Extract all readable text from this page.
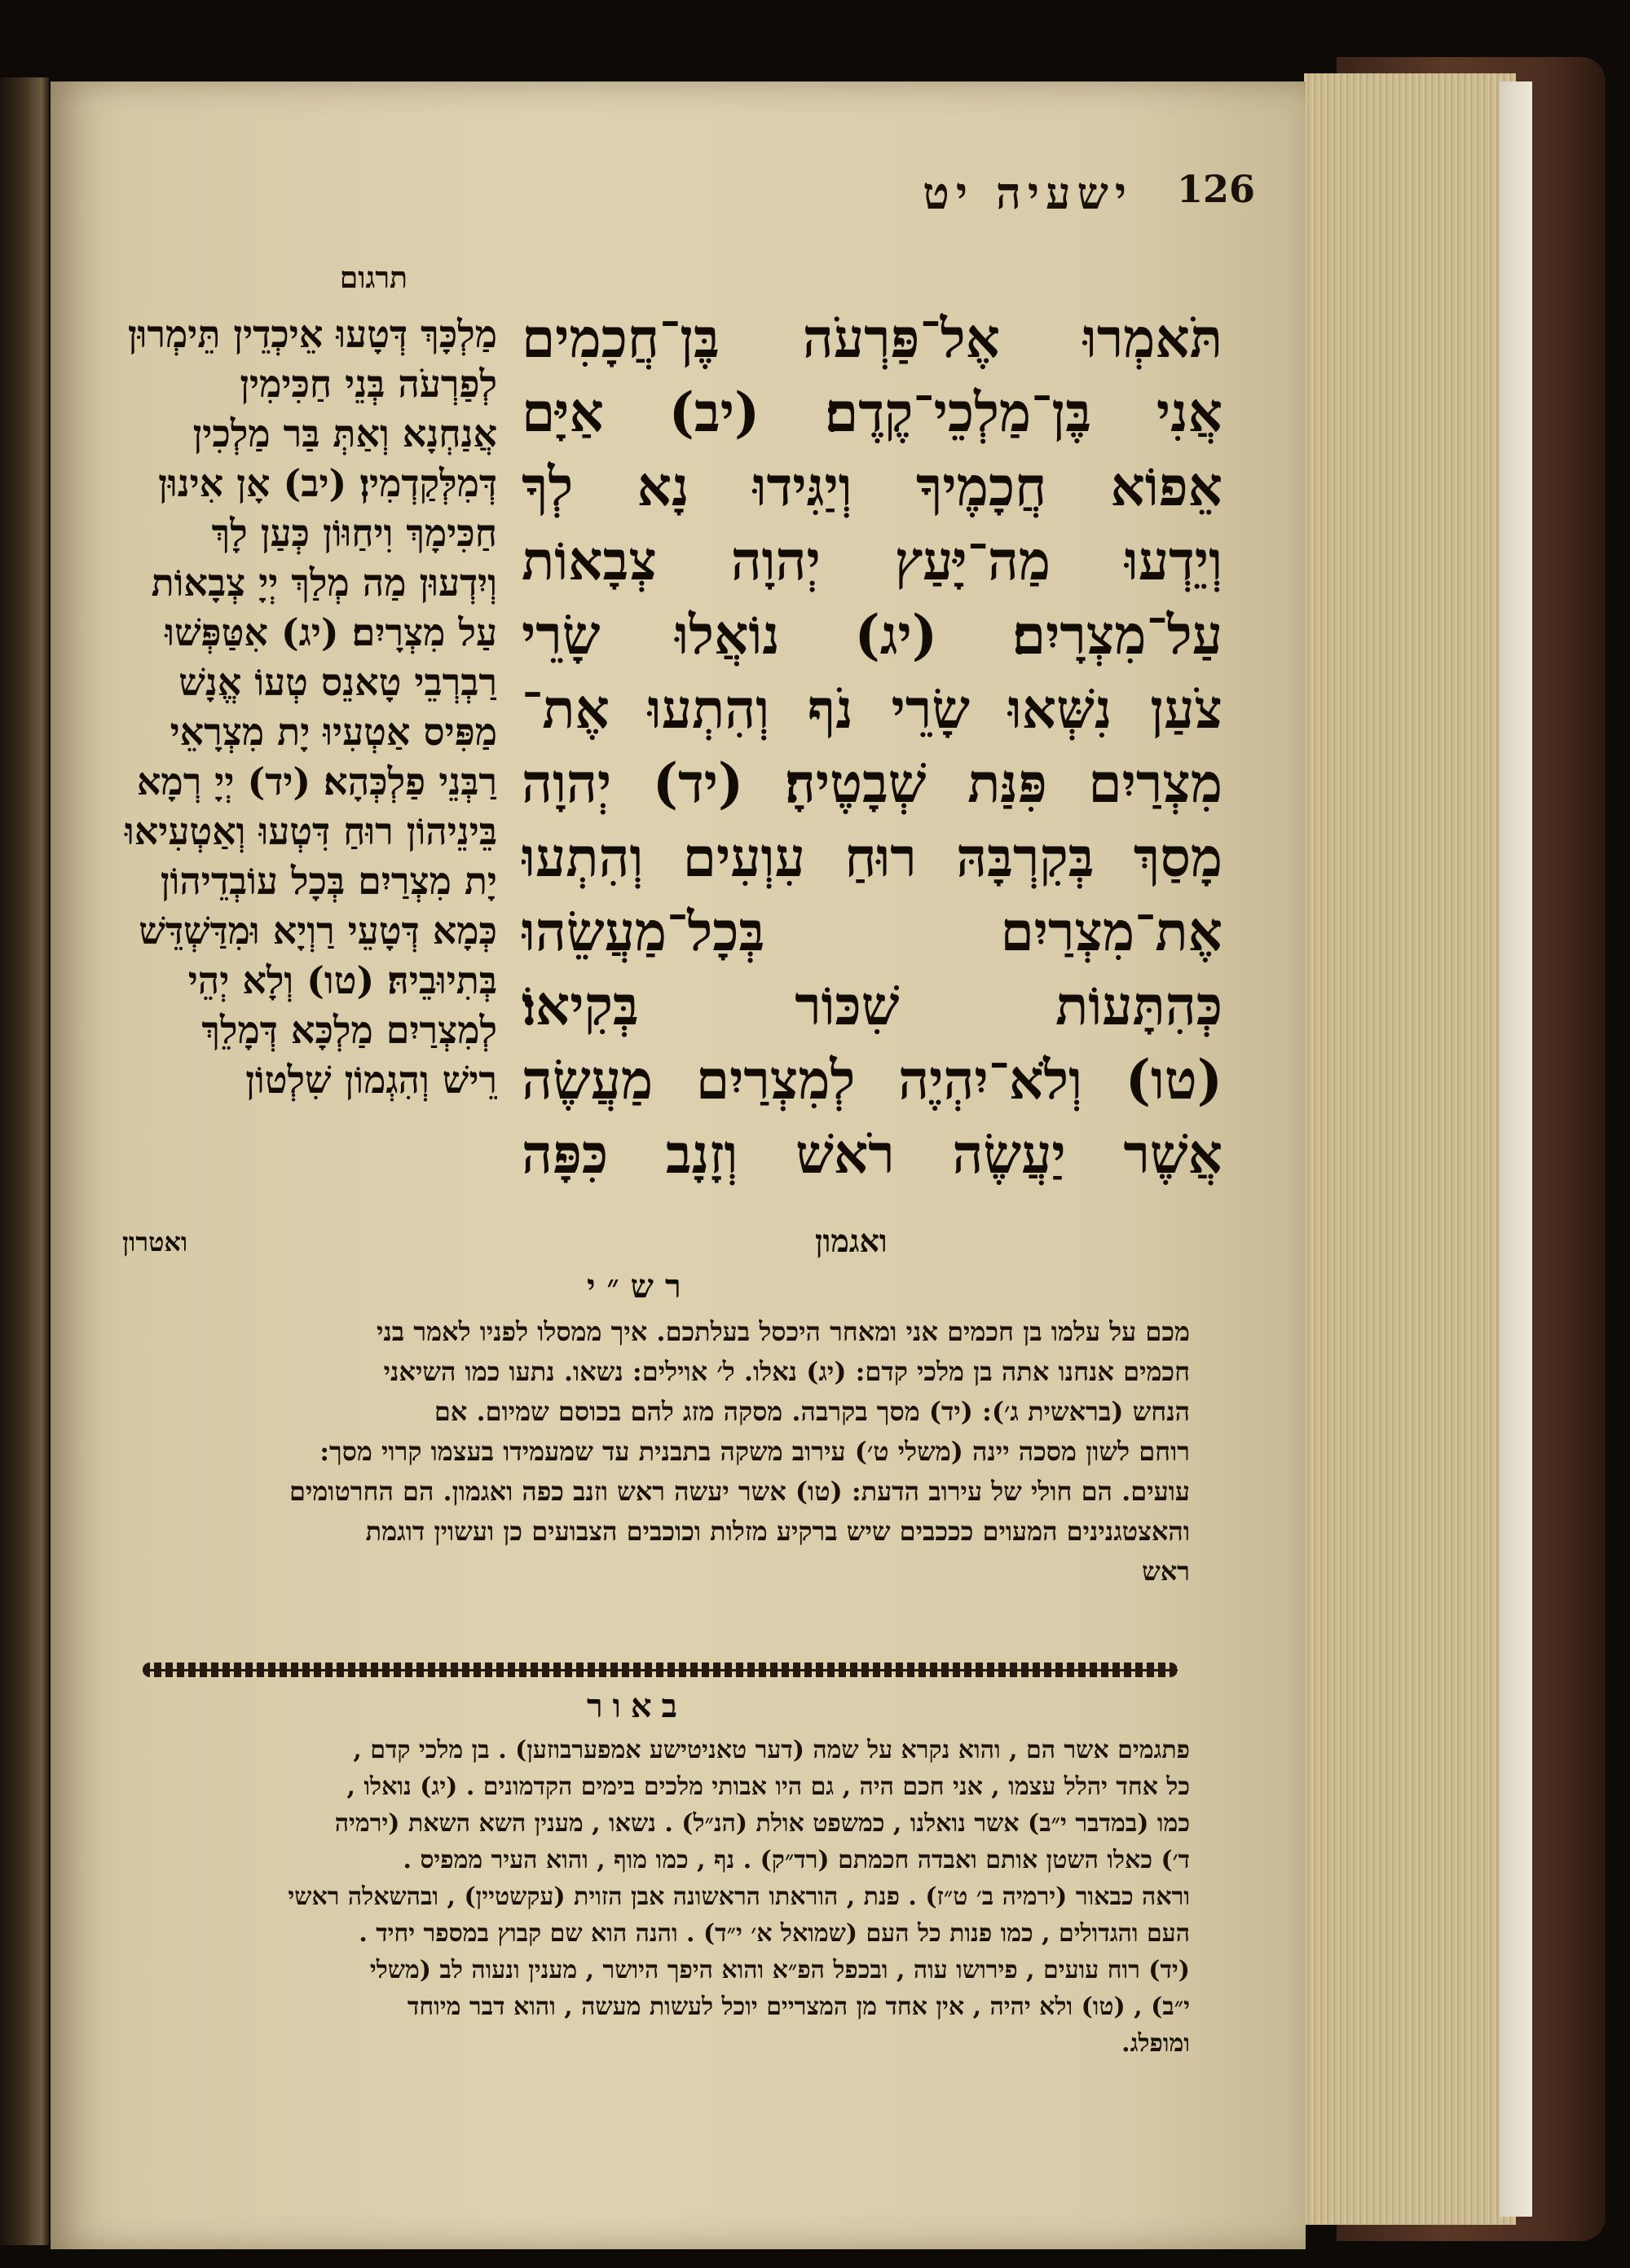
126
ישעיה יט
תרגום
תֹּאמְרוּ אֶל־פַּרְעֹה בֶּן־חֲכָמִים
אֲנִי בֶּן־מַלְכֵי־קֶדֶם׃ (יב) אַיָּם
אֵפוֹא חֲכָמֶיךָ וְיַגִּידוּ נָא לְךָ
וְיֵדְעוּ מַה־יָּעַץ יְהוָה צְבָאוֹת
עַל־מִצְרָיִם׃ (יג) נוֹאֲלוּ שָׂרֵי
צֹעַן נִשְּׁאוּ שָׂרֵי נֹף וְהִתְעוּ אֶת־
מִצְרַיִם פִּנַּת שְׁבָטֶיהָ׃ (יד) יְהוָה
מָסַךְ בְּקִרְבָּהּ רוּחַ עִוְעִים וְהִתְעוּ
אֶת־מִצְרַיִם בְּכָל־מַעֲשֵׂהוּ
כְּהִתָּעוֹת שִׁכּוֹר בְּקִיאוֹ׃
(טו) וְלֹא־יִהְיֶה לְמִצְרַיִם מַעֲשֶׂה
אֲשֶׁר יַעֲשֶׂה רֹאשׁ וְזָנָב כִּפָּה
מַלְכָּךְ דְּטָעוּ אֵיכְדֵין תֵּימְרוּן
לְפַרְעֹה בְּנֵי חַכִּימִין
אֲנַחְנָא וְאַתְּ בַּר מַלְכִין
דְּמִלְּקַדְמִין׃ (יב) אָן אִינוּן
חַכִּימָךְ וִיחַוּוֹן כְּעַן לָךְ
וְיִדְעוּן מַה מְלַךְ יְיָ צְבָאוֹת
עַל מִצְרָיִם׃ (יג) אִטַּפְּשׁוּ
רַבְרְבֵי טָאנֵס טְעוֹ אֱנָשׁ
מַפִּיס אַטְעִיוּ יָת מִצְרָאֵי
רַבְּנֵי פַלְכְּהָא׃ (יד) יְיָ רְמָא
בֵּינֵיהוֹן רוּחַ דִּטְעוּ וְאַטְעִיאוּ
יָת מִצְרַיִם בְּכָל עוֹבְדֵיהוֹן
כְּמָא דְּטָעֵי רַוְיָא וּמִדַּשְׁדֵּשׁ
בְּתִיוּבֵיהּ׃ (טו) וְלָא יְהֵי
לְמִצְרַיִם מַלְכָּא דְּמָלֵךְ
רֵישׁ וְהִגְמוֹן שִׁלְטוֹן
ואגמון
ואטרון
רש״י
מכם על עלמו בן חכמים אני ומאחר היכסל בעלתכם. איך ממסלו לפניו לאמר בני
חכמים אנחנו אתה בן מלכי קדם: (יג) נאלו. ל׳ אוילים: נשאו. נתעו כמו השיאני
הנחש (בראשית ג׳): (יד) מסך בקרבה. מסקה מזג להם בכוסם שמיום. אם
רוחם לשון מסכה יינה (משלי ט׳) עירוב משקה בתבנית עד שמעמידו בעצמו קרוי מסך:
עועים. הם חולי של עירוב הדעת: (טו) אשר יעשה ראש וזנב כפה ואגמון. הם החרטומים
והאצטגנינים המעוים כככבים שיש ברקיע מזלות וכוכבים הצבועים כן ועשוין דוגמת
ראש
באור
פתגמים אשר הם , והוא נקרא על שמה (דער טאניטישע אמפערבוזען) . בן מלכי קדם ,
כל אחד יהלל עצמו , אני חכם היה , גם היו אבותי מלכים בימים הקדמונים . (יג) נואלו ,
כמו (במדבר י״ב) אשר נואלנו , כמשפט אולת (הנ״ל) . נשאו , מענין השא השאת (ירמיה
ד׳) כאלו השטן אותם ואבדה חכמתם (רד״ק) . נף , כמו מוף , והוא העיר ממפיס .
וראה כבאור (ירמיה ב׳ ט״ז) . פנת , הוראתו הראשונה אבן הזוית (עקשטיין) , ובהשאלה ראשי
העם והגדולים , כמו פנות כל העם (שמואל א׳ י״ד) . והנה הוא שם קבוץ במספר יחיד .
(יד) רוח עועים , פירושו עוה , ובכפל הפ״א והוא היפך היושר , מענין ונעוה לב (משלי
י״ב) , (טו) ולא יהיה , אין אחד מן המצריים יוכל לעשות מעשה , והוא דבר מיוחד
ומופלג.
